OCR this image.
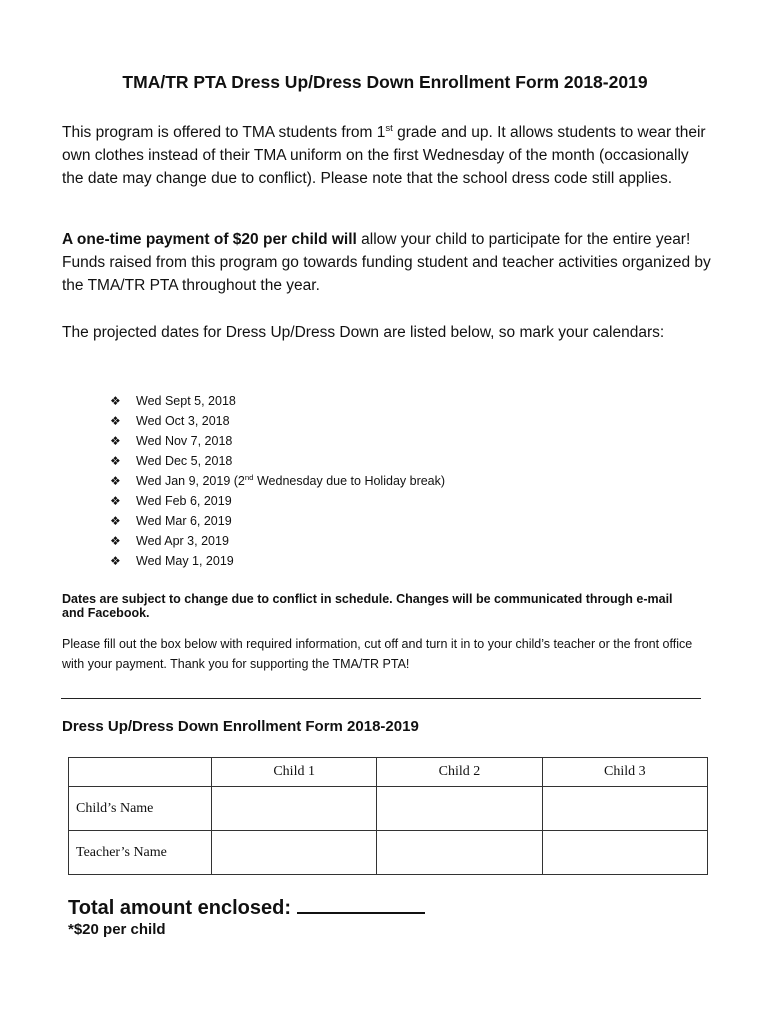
TMA/TR PTA Dress Up/Dress Down Enrollment Form 2018-2019

This program is offered to TMA students from 1st grade and up. It allows students to wear their own clothes instead of their TMA uniform on the first Wednesday of the month (occasionally the date may change due to conflict). Please note that the school dress code still applies.

A one-time payment of $20 per child will allow your child to participate for the entire year! Funds raised from this program go towards funding student and teacher activities organized by the TMA/TR PTA throughout the year.

The projected dates for Dress Up/Dress Down are listed below, so mark your calendars:

❖ Wed Sept 5, 2018
❖ Wed Oct 3, 2018
❖ Wed Nov 7, 2018
❖ Wed Dec 5, 2018
❖ Wed Jan 9, 2019 (2nd Wednesday due to Holiday break)
❖ Wed Feb 6, 2019
❖ Wed Mar 6, 2019
❖ Wed Apr 3, 2019
❖ Wed May 1, 2019

Dates are subject to change due to conflict in schedule. Changes will be communicated through e-mail and Facebook.

Please fill out the box below with required information, cut off and turn it in to your child’s teacher or the front office with your payment. Thank you for supporting the TMA/TR PTA!

Dress Up/Dress Down Enrollment Form 2018-2019
	Child 1	Child 2	Child 3
Child’s Name			
Teacher’s Name			
Total amount enclosed:
*$20 per child
